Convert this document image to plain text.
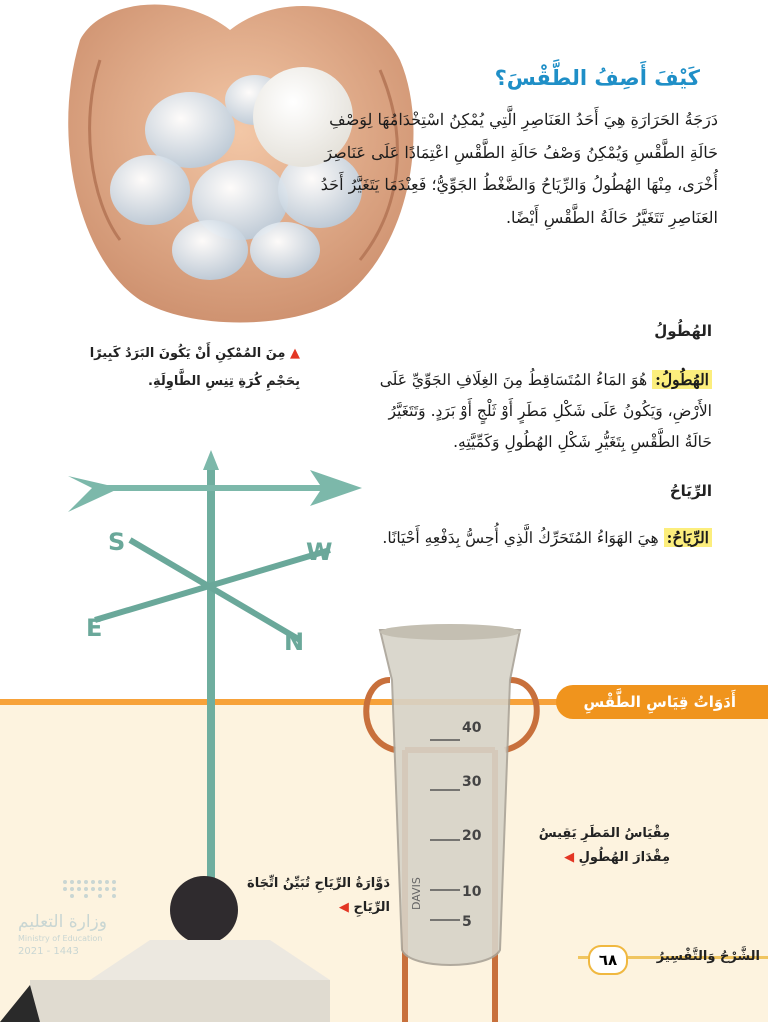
كَيْفَ أَصِفُ الطَّقْسَ؟
دَرَجَةُ الحَرَارَةِ هِيَ أَحَدُ العَنَاصِرِ الَّتِي يُمْكِنُ اسْتِخْدَامُهَا لِوَصْفِ حَالَةِ الطَّقْسِ وَيُمْكِنُ وَصْفُ حَالَةِ الطَّقْسِ اعْتِمَادًا عَلَى عَنَاصِرَ أُخْرَى، مِنْهَا الهُطُولُ وَالرِّيَاحُ وَالضَّغْطُ الجَوِّيُّ؛ فَعِنْدَمَا يَتَغَيَّرُ أَحَدُ العَنَاصِرِ تَتَغَيَّرُ حَالَةُ الطَّقْسِ أَيْضًا.
▲ مِنَ المُمْكِنِ أَنْ يَكُونَ البَرَدُ كَبِيرًا بِحَجْمِ كُرَةِ تِنِسِ الطَّاوِلَةِ.
الهُطُولُ
الهُطُولُ: هُوَ المَاءُ المُتَسَاقِطُ مِنَ الغِلَافِ الجَوِّيِّ عَلَى الأَرْضِ، وَيَكُونُ عَلَى شَكْلِ مَطَرٍ أَوْ ثَلْجٍ أَوْ بَرَدٍ. وَتَتَغَيَّرُ حَالَةُ الطَّقْسِ بِتَغَيُّرِ شَكْلِ الهُطُولِ وَكَمِّيَّتِهِ.
الرِّيَاحُ
الرِّيَاحُ: هِيَ الهَوَاءُ المُتَحَرِّكُ الَّذِي أُحِسُّ بِدَفْعِهِ أَحْيَانًا.
S	W
E	N
40
30
20
10
5
DAVIS
أَدَوَاتُ قِيَاسِ الطَّقْسِ
مِقْيَاسُ المَطَرِ يَقِيسُ مِقْدَارَ الهُطُولِ ◀
دَوَّارَةُ الرِّيَاحِ تُبَيِّنُ اتِّجَاهَ الرِّيَاحِ ◀
وزارة التعليم
Ministry of Education
2021 - 1443	٦٨	الشَّرْحُ وَالتَّفْسِيرُ
